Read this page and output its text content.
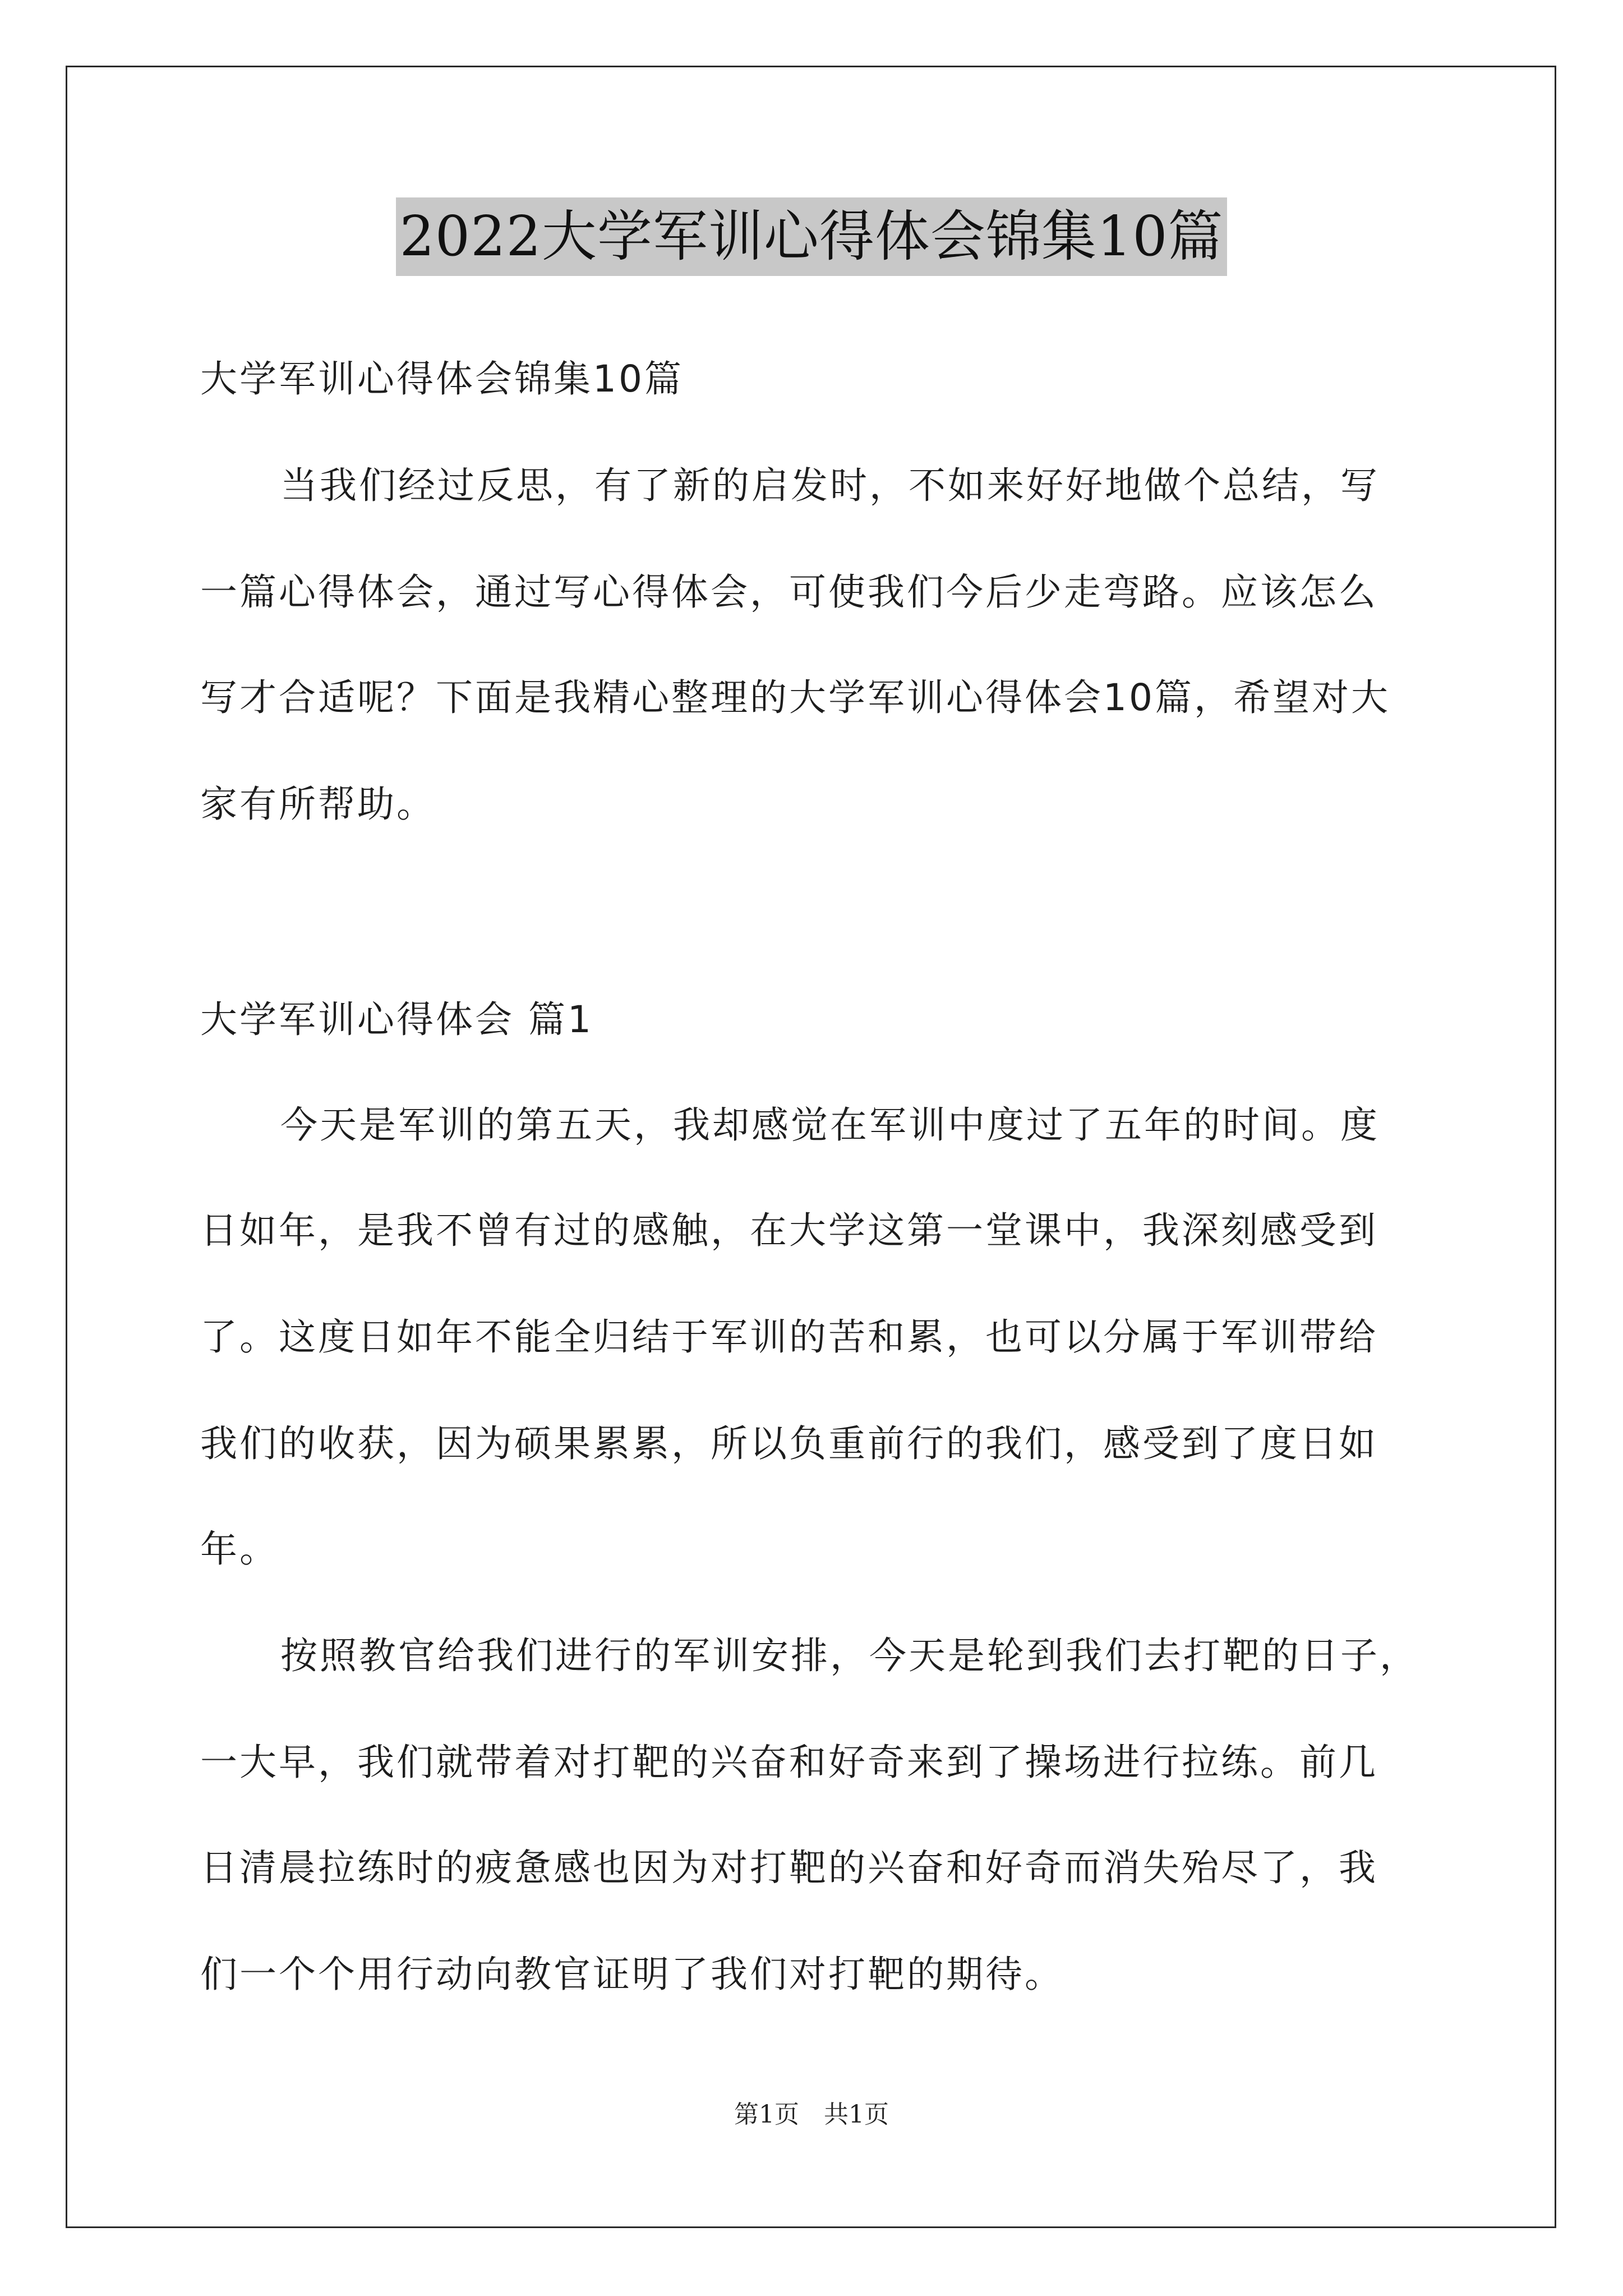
2022大学军训心得体会锦集10篇
大学军训心得体会锦集10篇
当我们经过反思，有了新的启发时，不如来好好地做个总结，写
一篇心得体会，通过写心得体会，可使我们今后少走弯路。应该怎么
写才合适呢？下面是我精心整理的大学军训心得体会10篇，希望对大
家有所帮助。
大学军训心得体会 篇1
今天是军训的第五天，我却感觉在军训中度过了五年的时间。度
日如年，是我不曾有过的感触，在大学这第一堂课中，我深刻感受到
了。这度日如年不能全归结于军训的苦和累，也可以分属于军训带给
我们的收获，因为硕果累累，所以负重前行的我们，感受到了度日如
年。
按照教官给我们进行的军训安排，今天是轮到我们去打靶的日子，
一大早，我们就带着对打靶的兴奋和好奇来到了操场进行拉练。前几
日清晨拉练时的疲惫感也因为对打靶的兴奋和好奇而消失殆尽了，我
们一个个用行动向教官证明了我们对打靶的期待。
第1页　共1页
